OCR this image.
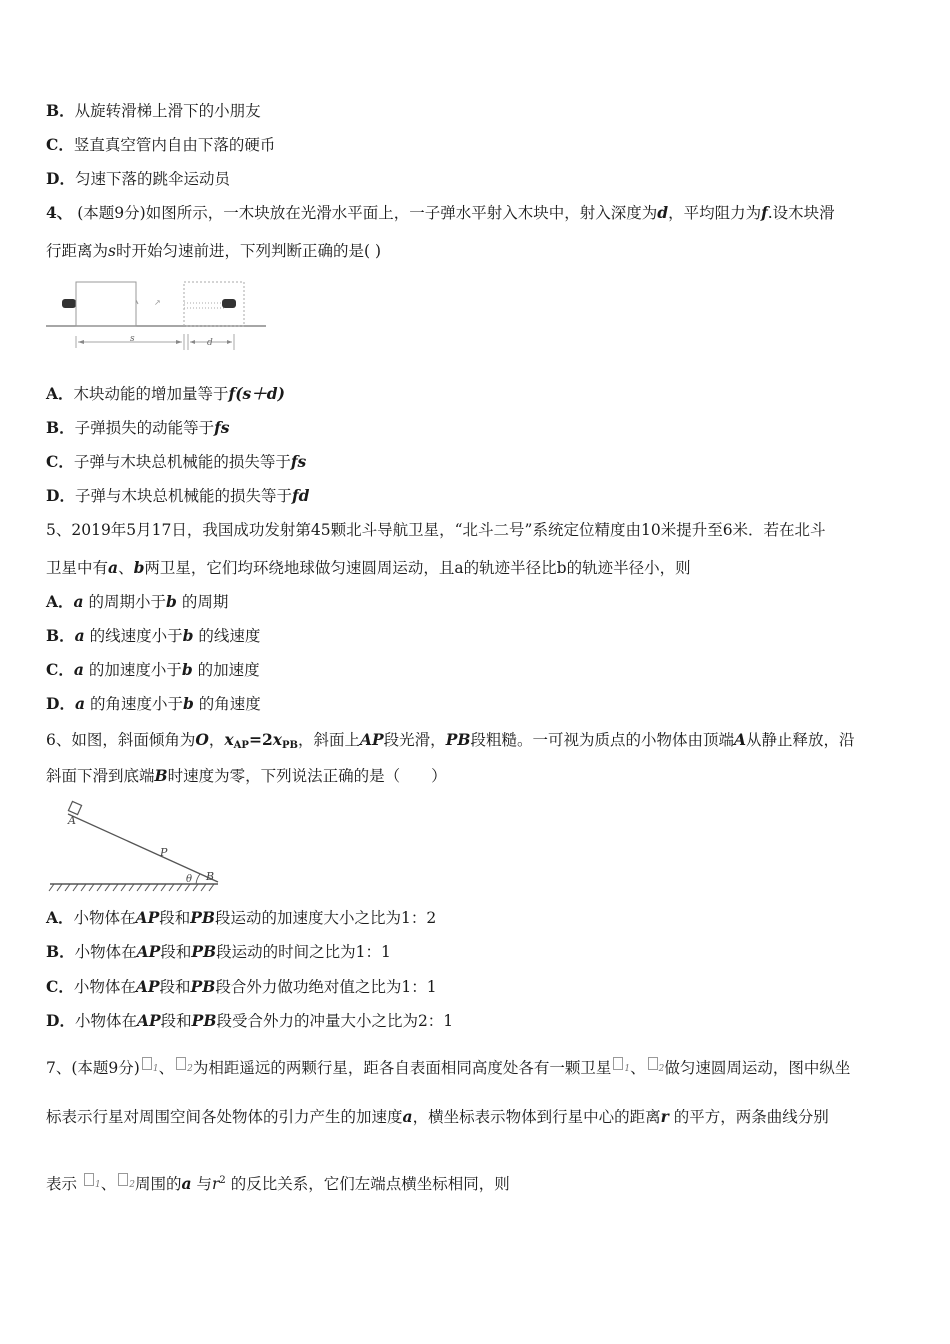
B．从旋转滑梯上滑下的小朋友
C．竖直真空管内自由下落的硬币
D．匀速下落的跳伞运动员
4、 (本题9分)如图所示，一木块放在光滑水平面上，一子弹水平射入木块中，射入深度为d，平均阻力为f.设木块滑
行距离为s时开始匀速前进，下列判断正确的是( )
↗
s	d
A．木块动能的增加量等于f(s＋d)
B．子弹损失的动能等于fs
C．子弹与木块总机械能的损失等于fs
D．子弹与木块总机械能的损失等于fd
5、2019年5月17日，我国成功发射第45颗北斗导航卫星，“北斗二号”系统定位精度由10米提升至6米．若在北斗
卫星中有a、b两卫星，它们均环绕地球做匀速圆周运动，且a的轨迹半径比b的轨迹半径小，则
A．a 的周期小于b 的周期
B．a 的线速度小于b 的线速度
C．a 的加速度小于b 的加速度
D．a 的角速度小于b 的角速度
6、如图，斜面倾角为O，$x_{AP}=2x_{PB}$，斜面上AP段光滑，PB段粗糙。一可视为质点的小物体由顶端A从静止释放，沿
斜面下滑到底端B时速度为零，下列说法正确的是（　　）
A
P
θ B
A．小物体在AP段和PB段运动的加速度大小之比为1：2
B．小物体在AP段和PB段运动的时间之比为1：1
C．小物体在AP段和PB段合外力做功绝对值之比为1：1
D．小物体在AP段和PB段受合外力的冲量大小之比为2：1
7、(本题9分) 1、 2为相距遥远的两颗行星，距各自表面相同高度处各有一颗卫星 1、 2做匀速圆周运动，图中纵坐
标表示行星对周围空间各处物体的引力产生的加速度a，横坐标表示物体到行星中心的距离r 的平方，两条曲线分别
表示 1、 2周围的a 与$r^2$ 的反比关系，它们左端点横坐标相同，则
